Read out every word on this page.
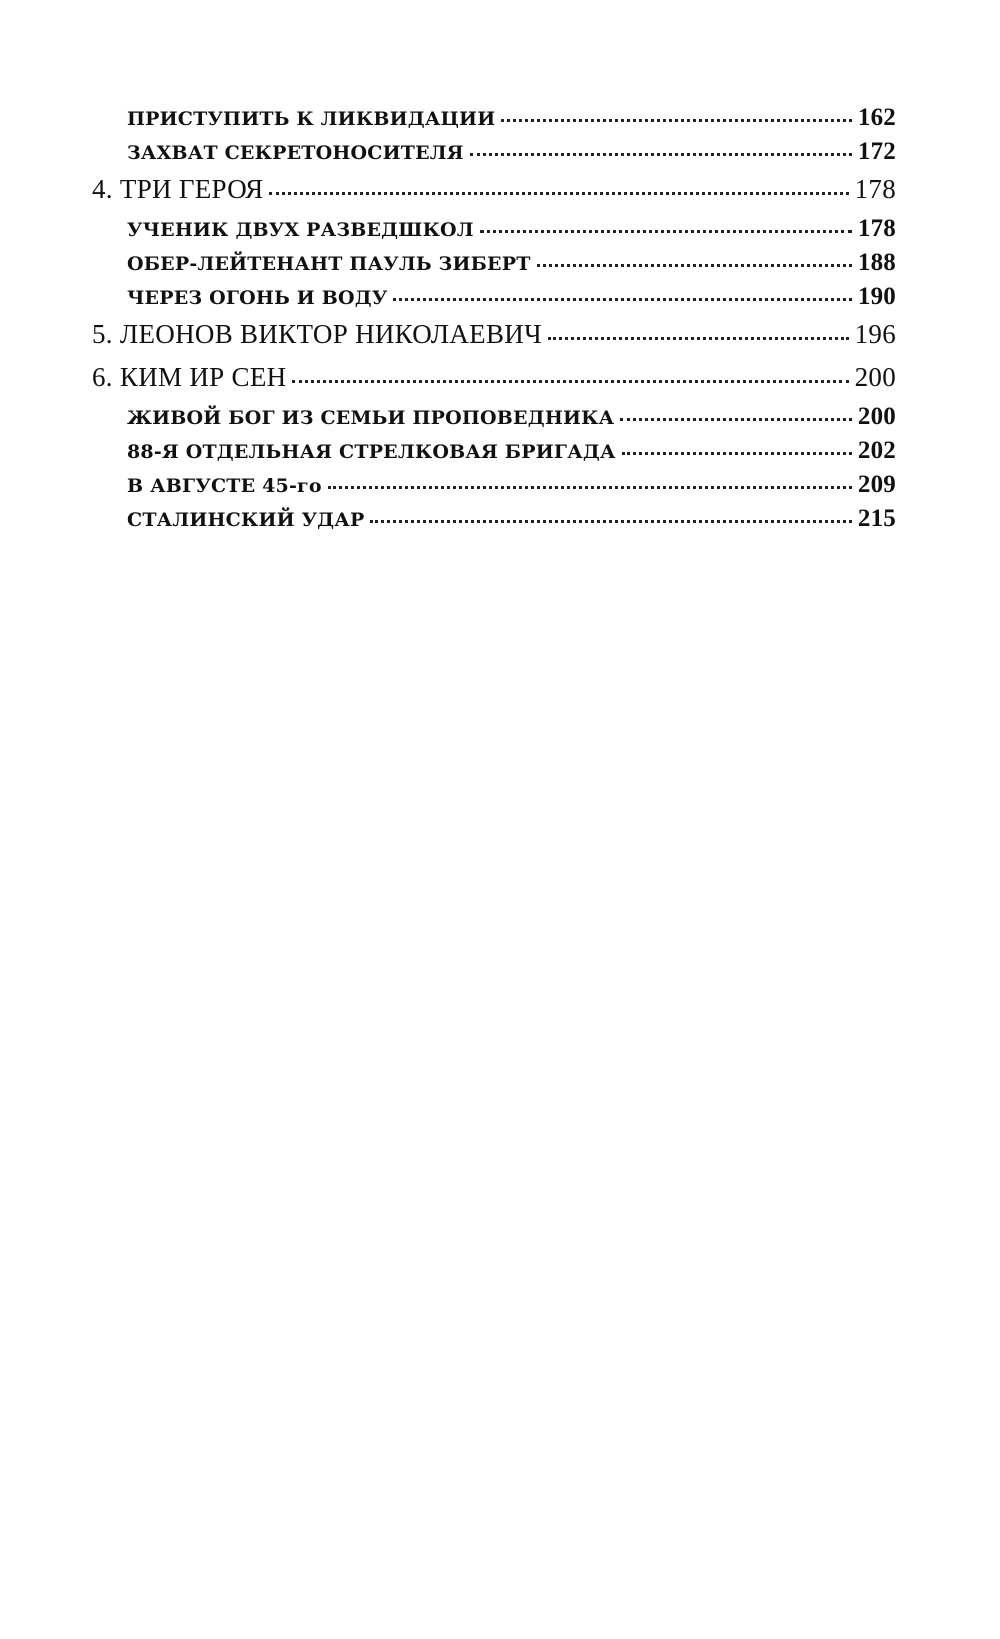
ПРИСТУПИТЬ К ЛИКВИДАЦИИ	162
ЗАХВАТ СЕКРЕТОНОСИТЕЛЯ	172
4. ТРИ ГЕРОЯ	178
УЧЕНИК ДВУХ РАЗВЕДШКОЛ	178
ОБЕР-ЛЕЙТЕНАНТ ПАУЛЬ ЗИБЕРТ	188
ЧЕРЕЗ ОГОНЬ И ВОДУ	190
5. ЛЕОНОВ ВИКТОР НИКОЛАЕВИЧ	196
6. КИМ ИР СЕН	200
ЖИВОЙ БОГ ИЗ СЕМЬИ ПРОПОВЕДНИКА	200
88-Я ОТДЕЛЬНАЯ СТРЕЛКОВАЯ БРИГАДА	202
В АВГУСТЕ 45-го	209
СТАЛИНСКИЙ УДАР	215
